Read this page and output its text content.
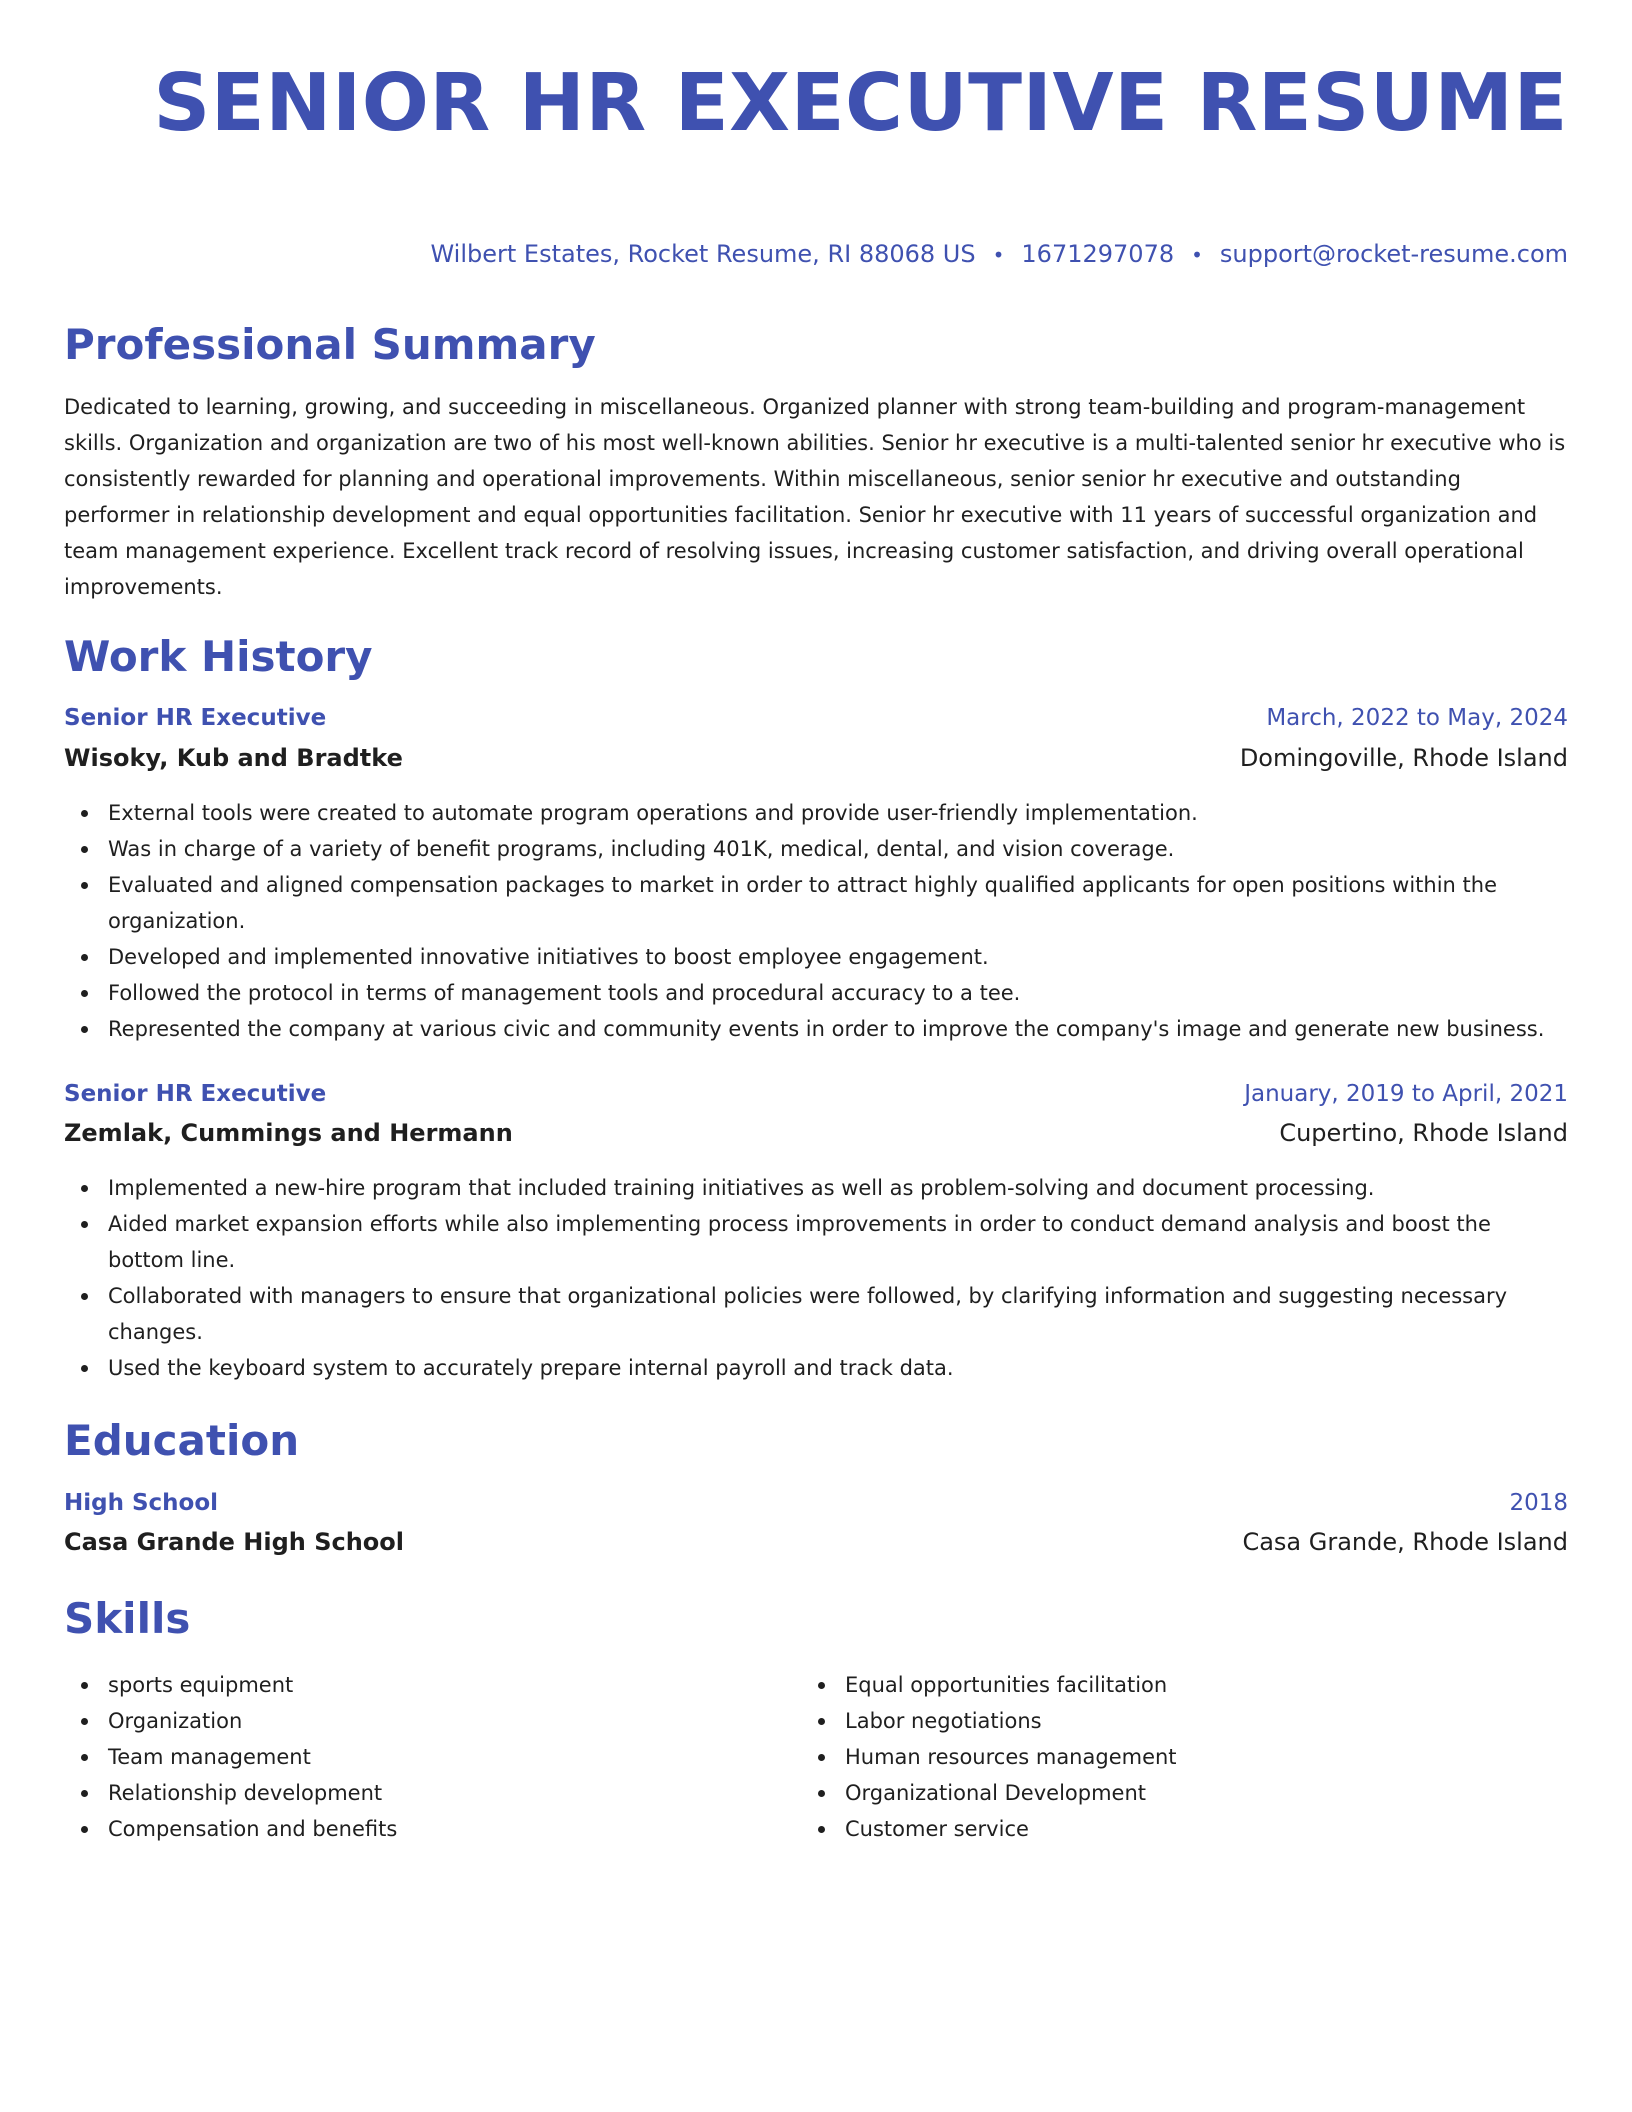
SENIOR HR EXECUTIVE RESUME
Wilbert Estates, Rocket Resume, RI 88068 US • 1671297078 • support@rocket-resume.com
Professional Summary

Dedicated to learning, growing, and succeeding in miscellaneous. Organized planner with strong team-building and program-management skills. Organization and organization are two of his most well-known abilities. Senior hr executive is a multi-talented senior hr executive who is consistently rewarded for planning and operational improvements. Within miscellaneous, senior senior hr executive and outstanding performer in relationship development and equal opportunities facilitation. Senior hr executive with 11 years of successful organization and team management experience. Excellent track record of resolving issues, increasing customer satisfaction, and driving overall operational improvements.

Work History
Senior HR Executive	March, 2022 to May, 2024
Wisoky, Kub and Bradtke	Domingoville, Rhode Island
External tools were created to automate program operations and provide user-friendly implementation.
Was in charge of a variety of benefit programs, including 401K, medical, dental, and vision coverage.
Evaluated and aligned compensation packages to market in order to attract highly qualified applicants for open positions within the organization.
Developed and implemented innovative initiatives to boost employee engagement.
Followed the protocol in terms of management tools and procedural accuracy to a tee.
Represented the company at various civic and community events in order to improve the company's image and generate new business.
Senior HR Executive	January, 2019 to April, 2021
Zemlak, Cummings and Hermann	Cupertino, Rhode Island
Implemented a new-hire program that included training initiatives as well as problem-solving and document processing.
Aided market expansion efforts while also implementing process improvements in order to conduct demand analysis and boost the bottom line.
Collaborated with managers to ensure that organizational policies were followed, by clarifying information and suggesting necessary changes.
Used the keyboard system to accurately prepare internal payroll and track data.
Education
High School	2018
Casa Grande High School	Casa Grande, Rhode Island
Skills
sports equipment
Organization
Team management
Relationship development
Compensation and benefits
Equal opportunities facilitation
Labor negotiations
Human resources management
Organizational Development
Customer service
